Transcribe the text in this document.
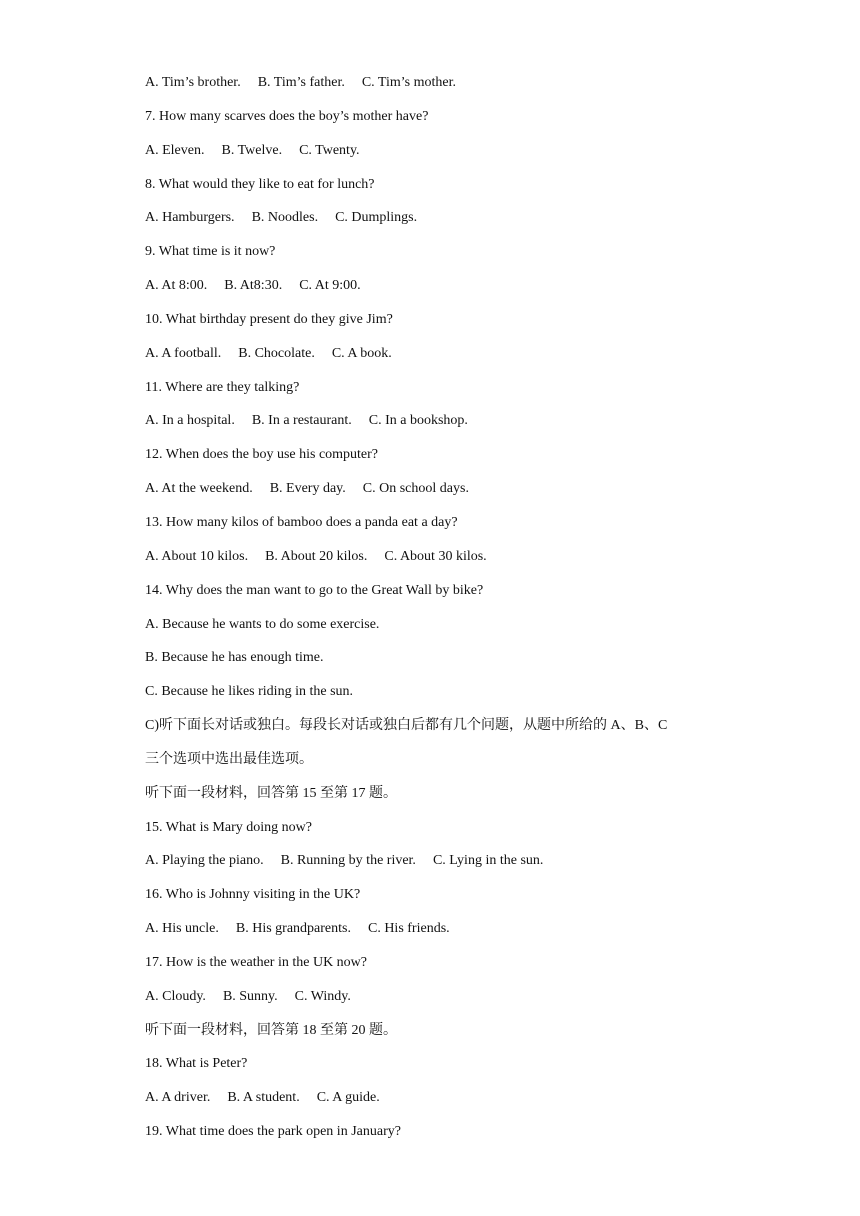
A. Tim’s brother. B. Tim’s father. C. Tim’s mother.
7. How many scarves does the boy’s mother have?
A. Eleven. B. Twelve. C. Twenty.
8. What would they like to eat for lunch?
A. Hamburgers. B. Noodles. C. Dumplings.
9. What time is it now?
A. At 8:00. B. At8:30. C. At 9:00.
10. What birthday present do they give Jim?
A. A football. B. Chocolate. C. A book.
11. Where are they talking?
A. In a hospital. B. In a restaurant. C. In a bookshop.
12. When does the boy use his computer?
A. At the weekend. B. Every day. C. On school days.
13. How many kilos of bamboo does a panda eat a day?
A. About 10 kilos. B. About 20 kilos. C. About 30 kilos.
14. Why does the man want to go to the Great Wall by bike?
A. Because he wants to do some exercise.
B. Because he has enough time.
C. Because he likes riding in the sun.
C)听下面长对话或独白。每段长对话或独白后都有几个问题，从题中所给的 A、B、C
三个选项中选出最佳选项。
听下面一段材料，回答第 15 至第 17 题。
15. What is Mary doing now?
A. Playing the piano. B. Running by the river. C. Lying in the sun.
16. Who is Johnny visiting in the UK?
A. His uncle. B. His grandparents. C. His friends.
17. How is the weather in the UK now?
A. Cloudy. B. Sunny. C. Windy.
听下面一段材料，回答第 18 至第 20 题。
18. What is Peter?
A. A driver. B. A student. C. A guide.
19. What time does the park open in January?
